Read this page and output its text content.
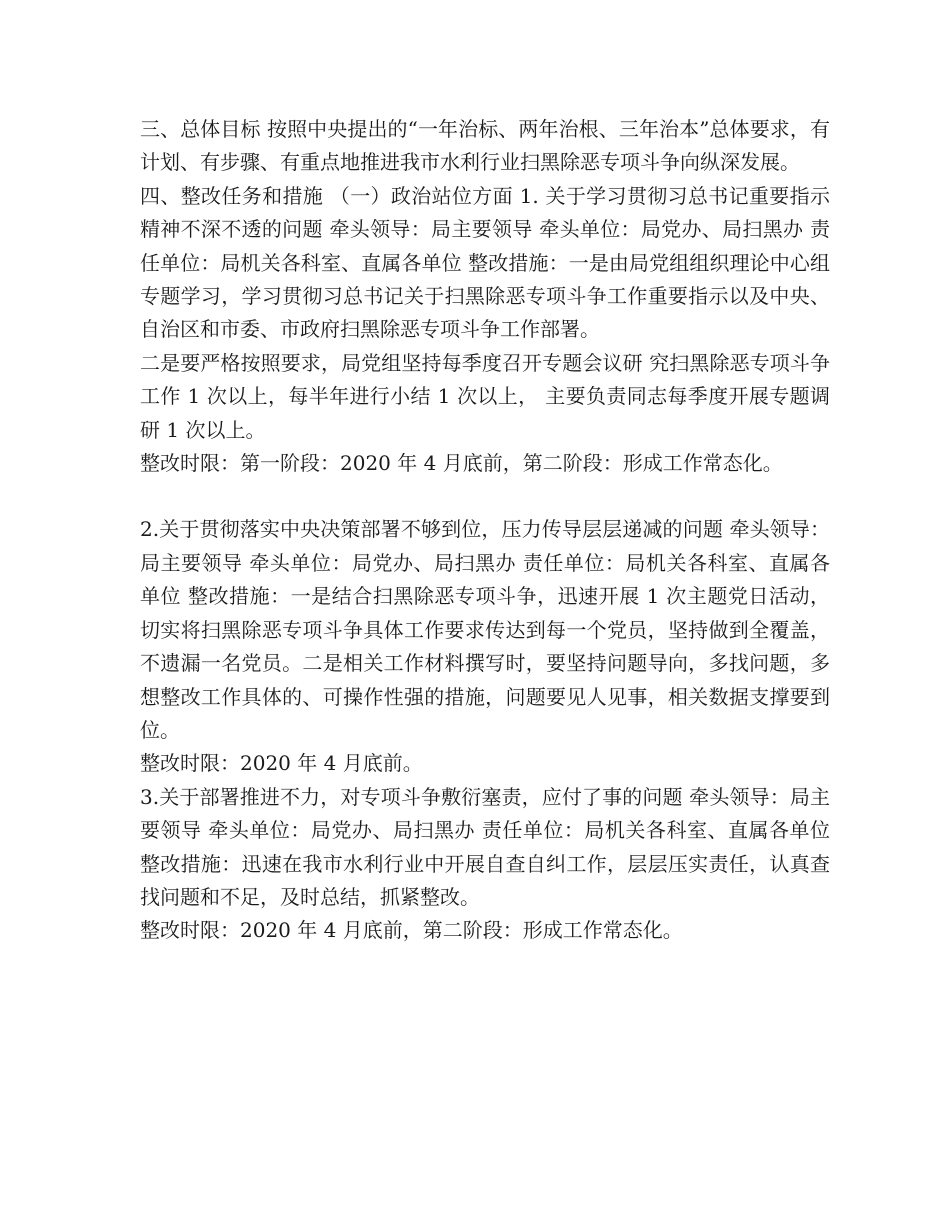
三、总体目标 按照中央提出的“一年治标、两年治根、三年治本”总体要求，有计划、有步骤、有重点地推进我市水利行业扫黑除恶专项斗争向纵深发展。

四、整改任务和措施 （一）政治站位方面 1. 关于学习贯彻习总书记重要指示精神不深不透的问题 牵头领导：局主要领导 牵头单位：局党办、局扫黑办 责任单位：局机关各科室、直属各单位 整改措施：一是由局党组组织理论中心组专题学习，学习贯彻习总书记关于扫黑除恶专项斗争工作重要指示以及中央、自治区和市委、市政府扫黑除恶专项斗争工作部署。

二是要严格按照要求，局党组坚持每季度召开专题会议研 究扫黑除恶专项斗争工作 1 次以上，每半年进行小结 1 次以上， 主要负责同志每季度开展专题调研 1 次以上。

整改时限：第一阶段：2020 年 4 月底前，第二阶段：形成工作常态化。

2.关于贯彻落实中央决策部署不够到位，压力传导层层递减的问题 牵头领导：局主要领导 牵头单位：局党办、局扫黑办 责任单位：局机关各科室、直属各单位 整改措施：一是结合扫黑除恶专项斗争，迅速开展 1 次主题党日活动，切实将扫黑除恶专项斗争具体工作要求传达到每一个党员，坚持做到全覆盖，不遗漏一名党员。二是相关工作材料撰写时，要坚持问题导向，多找问题，多想整改工作具体的、可操作性强的措施，问题要见人见事，相关数据支撑要到位。

整改时限：2020 年 4 月底前。

3.关于部署推进不力，对专项斗争敷衍塞责，应付了事的问题 牵头领导：局主要领导 牵头单位：局党办、局扫黑办 责任单位：局机关各科室、直属各单位 整改措施：迅速在我市水利行业中开展自查自纠工作，层层压实责任，认真查找问题和不足，及时总结，抓紧整改。

整改时限：2020 年 4 月底前，第二阶段：形成工作常态化。
